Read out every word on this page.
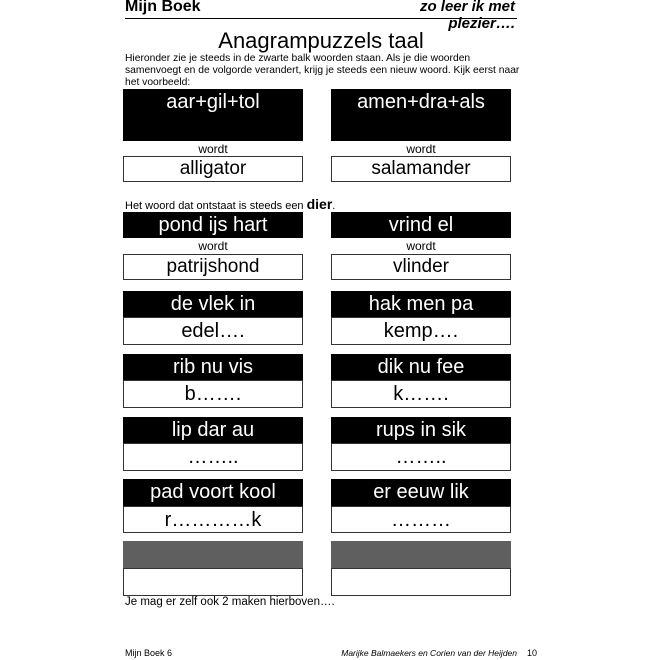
Mijn Boek	zo leer ik met plezier….
Anagrampuzzels taal
Hieronder zie je steeds in de zwarte balk woorden staan. Als je die woorden samenvoegt en de volgorde verandert, krijg je steeds een nieuw woord. Kijk eerst naar het voorbeeld:
aar+gil+tol	amen+dra+als
wordt	wordt
alligator	salamander
Het woord dat ontstaat is steeds een dier.
pond ijs hart	vrind el
wordt	wordt
patrijshond	vlinder
de vlek in	hak men pa
edel….	kemp….
rib nu vis	dik nu fee
b…….	k…….
lip dar au	rups in sik
……..	……..
pad voort kool	er eeuw lik
r…………k	………
Je mag er zelf ook 2 maken hierboven….
Mijn Boek 6	Marijke Balmaekers en Corien van der Heijden 10
